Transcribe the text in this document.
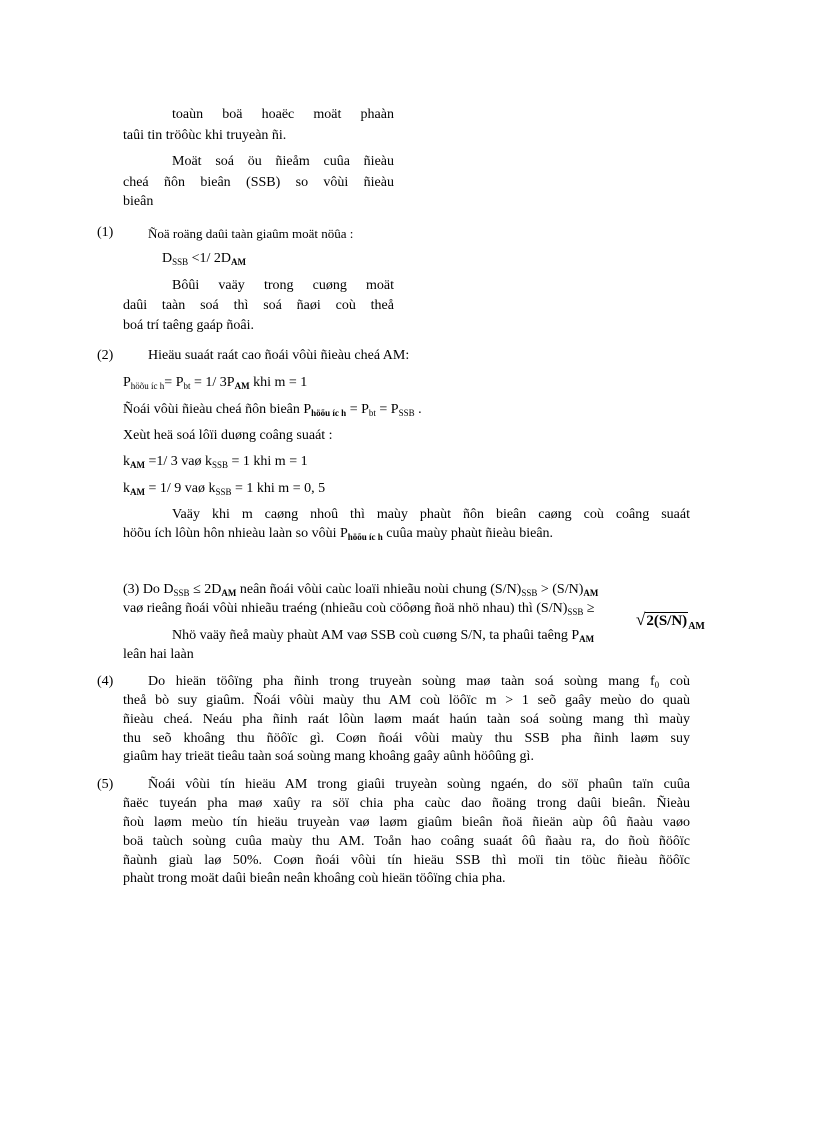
toaùn boä hoaëc moät phaàn
taûi tin tröôùc khi truyeàn ñi.
Moät soá öu ñieåm cuûa ñieàu
cheá ñôn bieân (SSB) so vôùi ñieàu
bieân
(1)	Ñoä roäng daûi taàn giaûm moät nöûa :
$D_{SSB} <1/$ $2D_{AM}$
Bôûi vaäy trong cuøng moät
daûi taàn soá thì soá ñaøi coù theå
boá trí taêng gaáp ñoâi.
(2) Hieäu suaát raát cao ñoái vôùi ñieàu cheá AM:
$P_{höõu íc h}= P_{bt} = 1/$ $3P_{AM}$ khi m = 1
Ñoái vôùi ñieàu cheá ñôn bieân $P_{höõu íc h} = P_{bt} = P_{SSB}$ .
Xeùt heä soá lôïi duøng coâng suaát :
$k_{AM} =1/$ 3 vaø $k_{SSB} = 1$ khi m = 1
$k_{AM} = 1/$ 9 vaø $k_{SSB} = 1$ khi m = 0, 5
Vaäy khi m caøng nhoû thì maùy phaùt ñôn bieân caøng coù coâng suaát
höõu ích lôùn hôn nhieàu laàn so vôùi $P_{höõu íc h}$ cuûa maùy phaùt ñieàu bieân.
(3) Do $D_{SSB} \le 2D_{AM}$ neân ñoái vôùi caùc loaïi nhieãu noùi chung $(S/N)_{SSB} > (S/N)_{AM}$
vaø rieâng ñoái vôùi nhieãu traéng (nhieãu coù cöôøng ñoä nhö nhau) thì $(S/N)_{SSB}$ ≥
$√2(S/N)_{AM}$
Nhö vaäy ñeå maùy phaùt AM vaø SSB coù cuøng S/N, ta phaûi taêng $P_{AM}$
leân hai laàn
(4) Do hieän töôïng pha ñinh trong truyeàn soùng maø taàn soá soùng mang $f_0$ coù
theå bò suy giaûm. Ñoái vôùi maùy thu AM coù löôïc m > 1 seõ gaây meùo do quaù
ñieàu cheá. Neáu pha ñinh raát lôùn laøm maát haún taàn soá soùng mang thì maùy
thu seõ khoâng thu ñöôïc gì. Coøn ñoái vôùi maùy thu SSB pha ñinh laøm suy
giaûm hay trieät tieâu taàn soá soùng mang khoâng gaây aûnh höôûng gì.
(5) Ñoái vôùi tín hieäu AM trong giaûi truyeàn soùng ngaén, do söï phaûn taïn cuûa
ñaëc tuyeán pha maø xaûy ra söï chia pha caùc dao ñoäng trong daûi bieân. Ñieàu
ñoù laøm meùo tín hieäu truyeàn vaø laøm giaûm bieân ñoä ñieän aùp ôû ñaàu vaøo
boä taùch soùng cuûa maùy thu AM. Toån hao coâng suaát ôû ñaàu ra, do ñoù ñöôïc
ñaùnh giaù laø 50%. Coøn ñoái vôùi tín hieäu SSB thì moïi tin töùc ñieàu ñöôïc
phaùt trong moät daûi bieân neân khoâng coù hieän töôïng chia pha.
